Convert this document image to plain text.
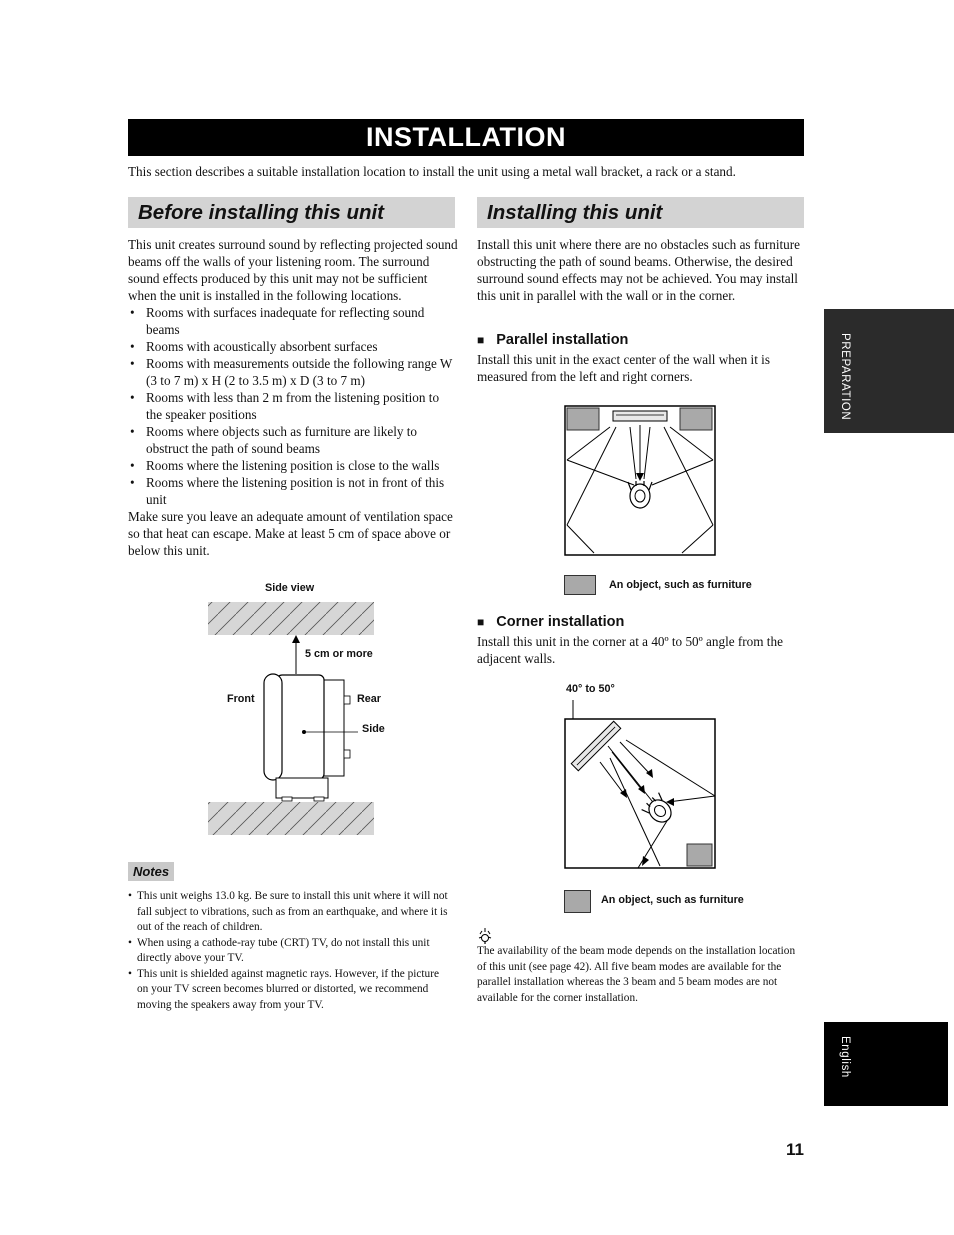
INSTALLATION
This section describes a suitable installation location to install the unit using a metal wall bracket, a rack or a stand.
Before installing this unit

This unit creates surround sound by reflecting projected sound beams off the walls of your listening room. The surround sound effects produced by this unit may not be sufficient when the unit is installed in the following locations.

• Rooms with surfaces inadequate for reflecting sound beams
• Rooms with acoustically absorbent surfaces
• Rooms with measurements outside the following range W (3 to 7 m) x H (2 to 3.5 m) x D (3 to 7 m)
• Rooms with less than 2 m from the listening position to the speaker positions
• Rooms where objects such as furniture are likely to obstruct the path of sound beams
• Rooms where the listening position is close to the walls
• Rooms where the listening position is not in front of this unit

Make sure you leave an adequate amount of ventilation space so that heat can escape. Make at least 5 cm of space above or below this unit.

Side view
5 cm or more
Front	Rear
Side
Notes
• This unit weighs 13.0 kg. Be sure to install this unit where it will not fall subject to vibrations, such as from an earthquake, and where it is out of the reach of children.
• When using a cathode-ray tube (CRT) TV, do not install this unit directly above your TV.
• This unit is shielded against magnetic rays. However, if the picture on your TV screen becomes blurred or distorted, we recommend moving the speakers away from your TV.
Installing this unit
Install this unit where there are no obstacles such as furniture obstructing the path of sound beams. Otherwise, the desired surround sound effects may not be achieved. You may install this unit in parallel with the wall or in the corner.
■ Parallel installation
Install this unit in the exact center of the wall when it is measured from the left and right corners.
An object, such as furniture
■ Corner installation
Install this unit in the corner at a 40º to 50º angle from the adjacent walls.
40° to 50°
An object, such as furniture
The availability of the beam mode depends on the installation location of this unit (see page 42). All five beam modes are available for the parallel installation whereas the 3 beam and 5 beam modes are not available for the corner installation.
PREPARATION
English
11
